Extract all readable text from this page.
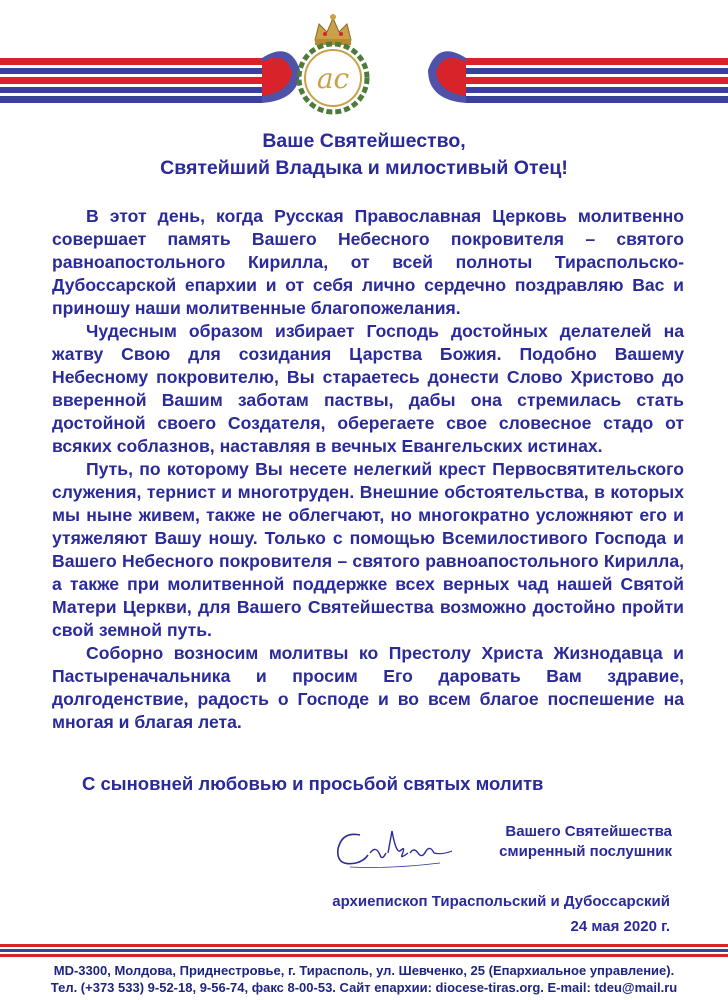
ас
Ваше Святейшество,
Святейший Владыка и милостивый Отец!

В этот день, когда Русская Православная Церковь молитвенно совершает память Вашего Небесного покровителя – святого равноапостольного Кирилла, от всей полноты Тираспольско-Дубоссарской епархии и от себя лично сердечно поздравляю Вас и приношу наши молитвенные благопожелания.

Чудесным образом избирает Господь достойных делателей на жатву Свою для созидания Царства Божия. Подобно Вашему Небесному покровителю, Вы стараетесь донести Слово Христово до вверенной Вашим заботам паствы, дабы она стремилась стать достойной своего Создателя, оберегаете свое словесное стадо от всяких соблазнов, наставляя в вечных Евангельских истинах.

Путь, по которому Вы несете нелегкий крест Первосвятительского служения, тернист и многотруден. Внешние обстоятельства, в которых мы ныне живем, также не облегчают, но многократно усложняют его и утяжеляют Вашу ношу. Только с помощью Всемилостивого Господа и Вашего Небесного покровителя – святого равноапостольного Кирилла, а также при молитвенной поддержке всех верных чад нашей Святой Матери Церкви, для Вашего Святейшества возможно достойно пройти свой земной путь.

Соборно возносим молитвы ко Престолу Христа Жизнодавца и Пастыреначальника и просим Его даровать Вам здравие, долгоденствие, радость о Господе и во всем благое поспешение на многая и благая лета.

С сыновней любовью и просьбой святых молитв
Вашего Святейшества
смиренный послушник
архиепископ Тираспольский и Дубоссарский
24 мая 2020 г.
MD-3300, Молдова, Приднестровье, г. Тирасполь, ул. Шевченко, 25 (Епархиальное управление).
Тел. (+373 533) 9-52-18, 9-56-74, факс 8-00-53. Сайт епархии: diocese-tiras.org. E-mail: tdeu@mail.ru
